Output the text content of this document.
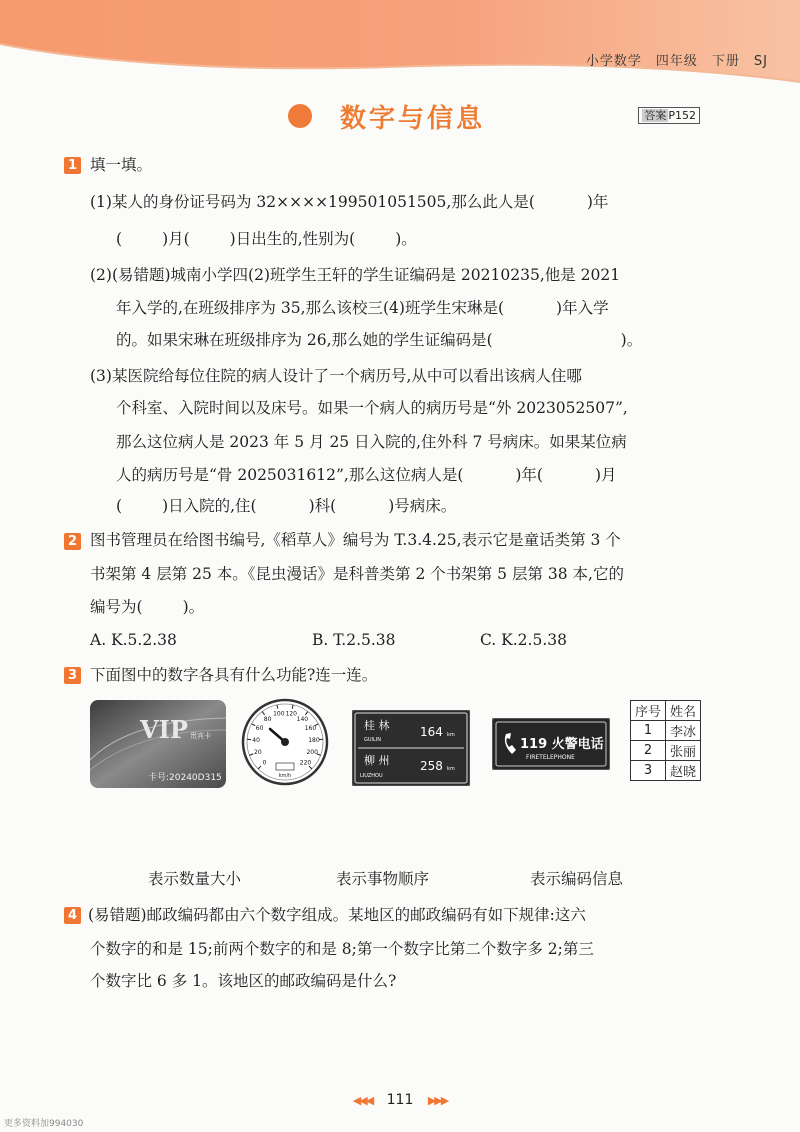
小学数学 四年级 下册 SJ
数字与信息	答案 P152
1 填一填。
(1)某人的身份证号码为 32××××199501051505,那么此人是(	)年
(	)月(	)日出生的,性别为(	)。
(2)(易错题)城南小学四(2)班学生王轩的学生证编码是 20210235,他是 2021
年入学的,在班级排序为 35,那么该校三(4)班学生宋琳是(	)年入学
的。如果宋琳在班级排序为 26,那么她的学生证编码是(	)。
(3)某医院给每位住院的病人设计了一个病历号,从中可以看出该病人住哪
个科室、入院时间以及床号。如果一个病人的病历号是“外 2023052507”,
那么这位病人是 2023 年 5 月 25 日入院的,住外科 7 号病床。如果某位病
人的病历号是“骨 2025031612”,那么这位病人是(	)年(	)月
(	)日入院的,住(	)科(	)号病床。
2 图书管理员在给图书编号,《稻草人》编号为 T.3.4.25,表示它是童话类第 3 个
书架第 4 层第 25 本。《昆虫漫话》是科普类第 2 个书架第 5 层第 38 本,它的
编号为(	)。
A. K.5.2.38	B. T.2.5.38	C. K.2.5.38
3 下面图中的数字各具有什么功能?连一连。
VIP 贵宾卡
卡号:20240D315
0
20
40
60
80
100 120
140
160
180
200
220
km/h
桂 林
GUILIN
164 km
柳 州
LIUZHOU
258 km
119 火警电话
FIRETELEPHONE
序号	姓名
1	李冰
2	张丽
3	赵晓
表示数量大小	表示事物顺序	表示编码信息
4 (易错题)邮政编码都由六个数字组成。某地区的邮政编码有如下规律:这六
个数字的和是 15;前两个数字的和是 8;第一个数字比第二个数字多 2;第三
个数字比 6 多 1。该地区的邮政编码是什么?
◀◀◀ 111 ▶▶▶
更多资料加994030
